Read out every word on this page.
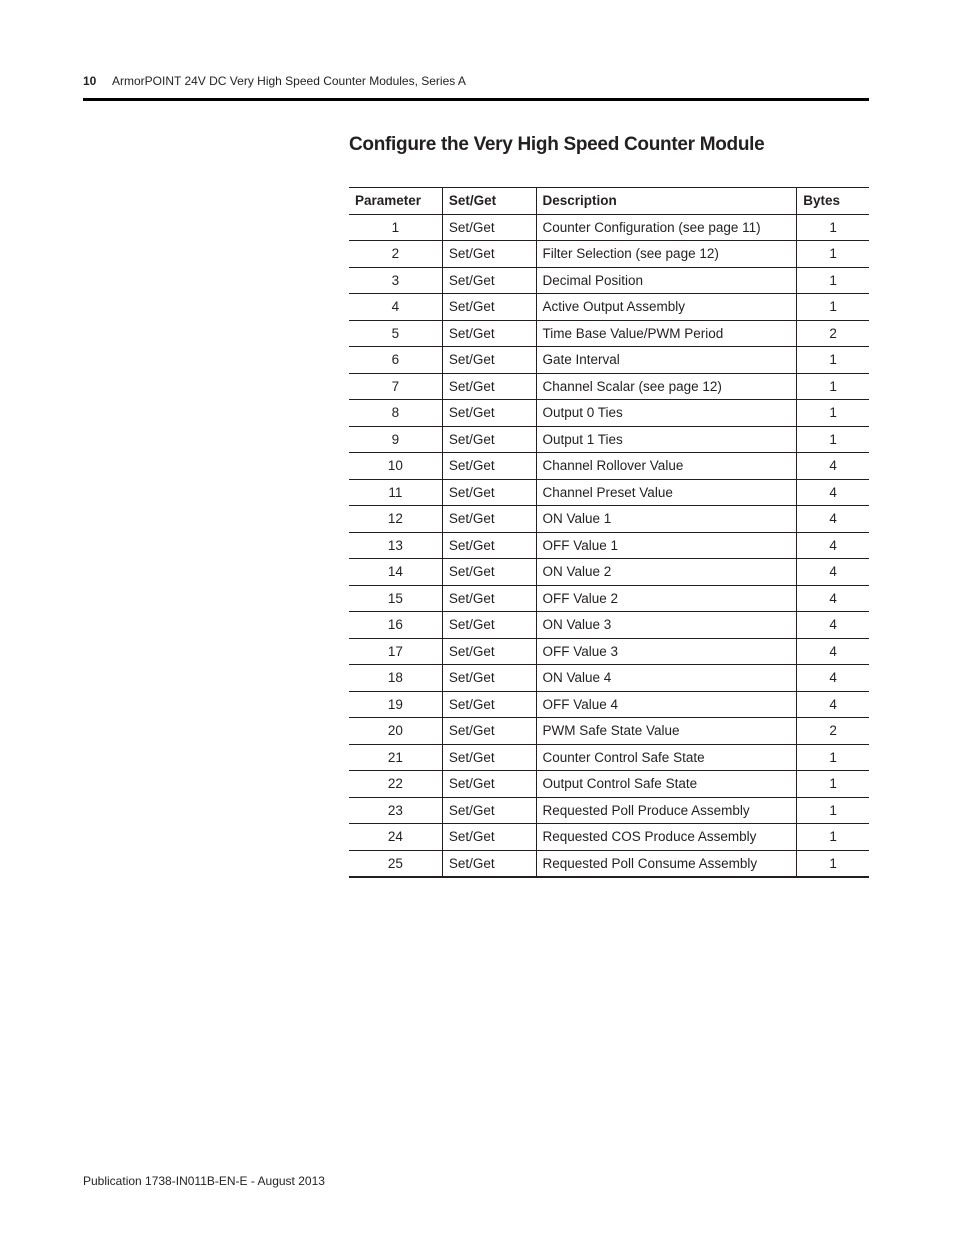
10 ArmorPOINT 24V DC Very High Speed Counter Modules, Series A
Configure the Very High Speed Counter Module
Parameter	Set/Get	Description	Bytes
1	Set/Get	Counter Configuration (see page 11)	1
2	Set/Get	Filter Selection (see page 12)	1
3	Set/Get	Decimal Position	1
4	Set/Get	Active Output Assembly	1
5	Set/Get	Time Base Value/PWM Period	2
6	Set/Get	Gate Interval	1
7	Set/Get	Channel Scalar (see page 12)	1
8	Set/Get	Output 0 Ties	1
9	Set/Get	Output 1 Ties	1
10	Set/Get	Channel Rollover Value	4
11	Set/Get	Channel Preset Value	4
12	Set/Get	ON Value 1	4
13	Set/Get	OFF Value 1	4
14	Set/Get	ON Value 2	4
15	Set/Get	OFF Value 2	4
16	Set/Get	ON Value 3	4
17	Set/Get	OFF Value 3	4
18	Set/Get	ON Value 4	4
19	Set/Get	OFF Value 4	4
20	Set/Get	PWM Safe State Value	2
21	Set/Get	Counter Control Safe State	1
22	Set/Get	Output Control Safe State	1
23	Set/Get	Requested Poll Produce Assembly	1
24	Set/Get	Requested COS Produce Assembly	1
25	Set/Get	Requested Poll Consume Assembly	1
Publication 1738-IN011B-EN-E - August 2013
